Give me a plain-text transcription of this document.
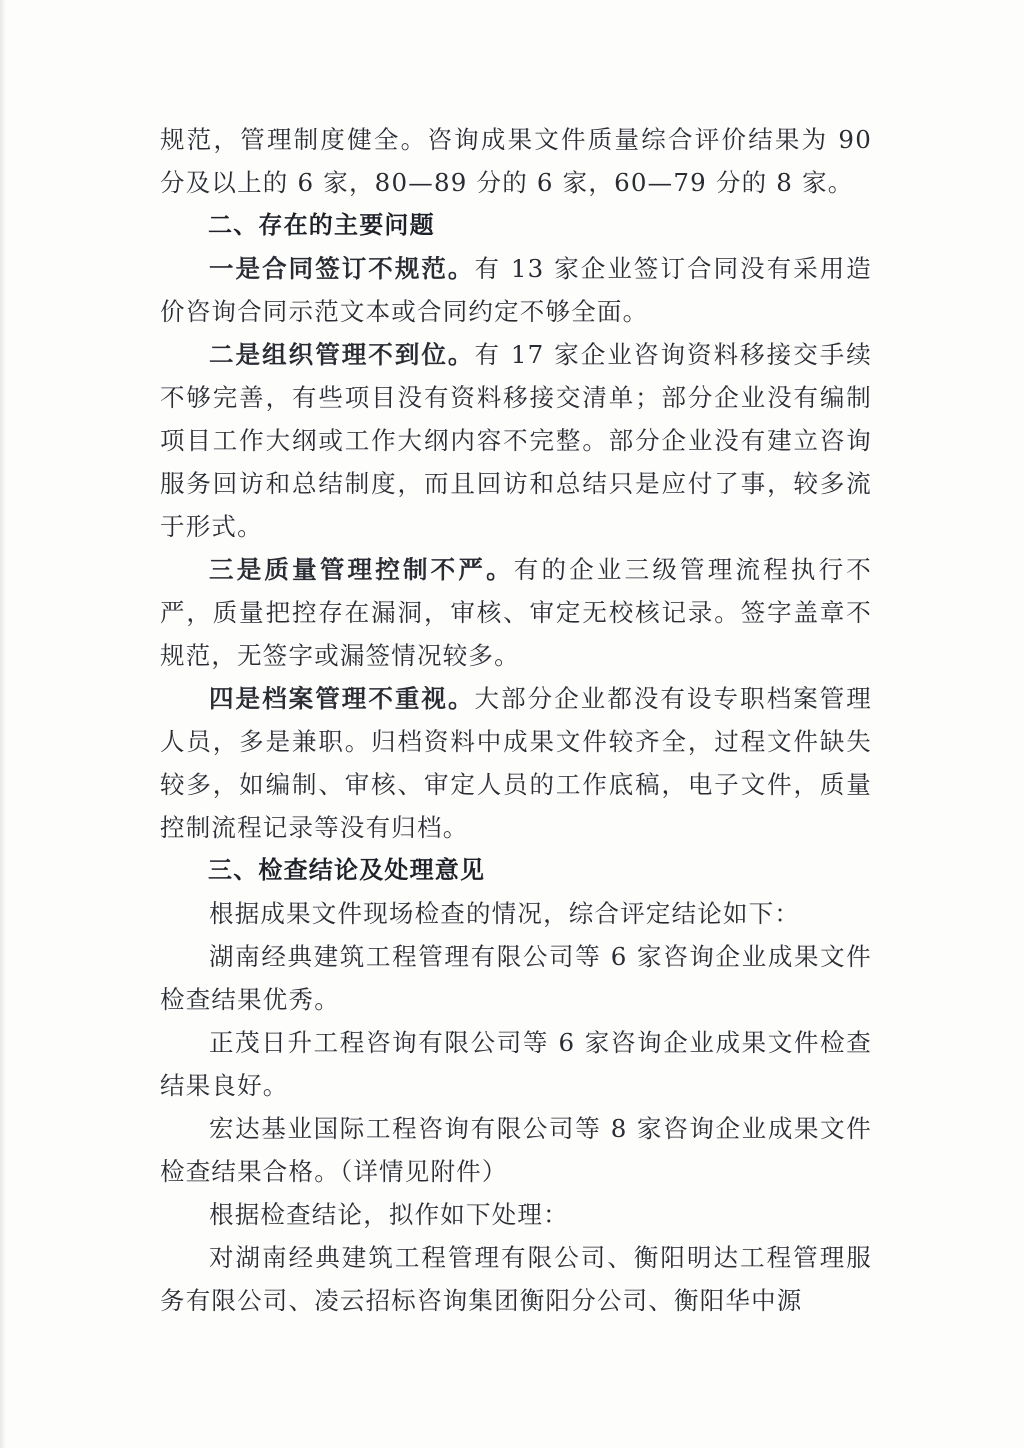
规范，管理制度健全。咨询成果文件质量综合评价结果为 90 分及以上的 6 家，80—89 分的 6 家，60—79 分的 8 家。

二、存在的主要问题

一是合同签订不规范。有 13 家企业签订合同没有采用造价咨询合同示范文本或合同约定不够全面。

二是组织管理不到位。有 17 家企业咨询资料移接交手续不够完善，有些项目没有资料移接交清单；部分企业没有编制项目工作大纲或工作大纲内容不完整。部分企业没有建立咨询服务回访和总结制度，而且回访和总结只是应付了事，较多流于形式。

三是质量管理控制不严。有的企业三级管理流程执行不严，质量把控存在漏洞，审核、审定无校核记录。签字盖章不规范，无签字或漏签情况较多。

四是档案管理不重视。大部分企业都没有设专职档案管理人员，多是兼职。归档资料中成果文件较齐全，过程文件缺失较多，如编制、审核、审定人员的工作底稿，电子文件，质量控制流程记录等没有归档。

三、检查结论及处理意见

根据成果文件现场检查的情况，综合评定结论如下：

湖南经典建筑工程管理有限公司等 6 家咨询企业成果文件检查结果优秀。

正茂日升工程咨询有限公司等 6 家咨询企业成果文件检查结果良好。

宏达基业国际工程咨询有限公司等 8 家咨询企业成果文件检查结果合格。（详情见附件）

根据检查结论，拟作如下处理：

对湖南经典建筑工程管理有限公司、衡阳明达工程管理服务有限公司、凌云招标咨询集团衡阳分公司、衡阳华中源
